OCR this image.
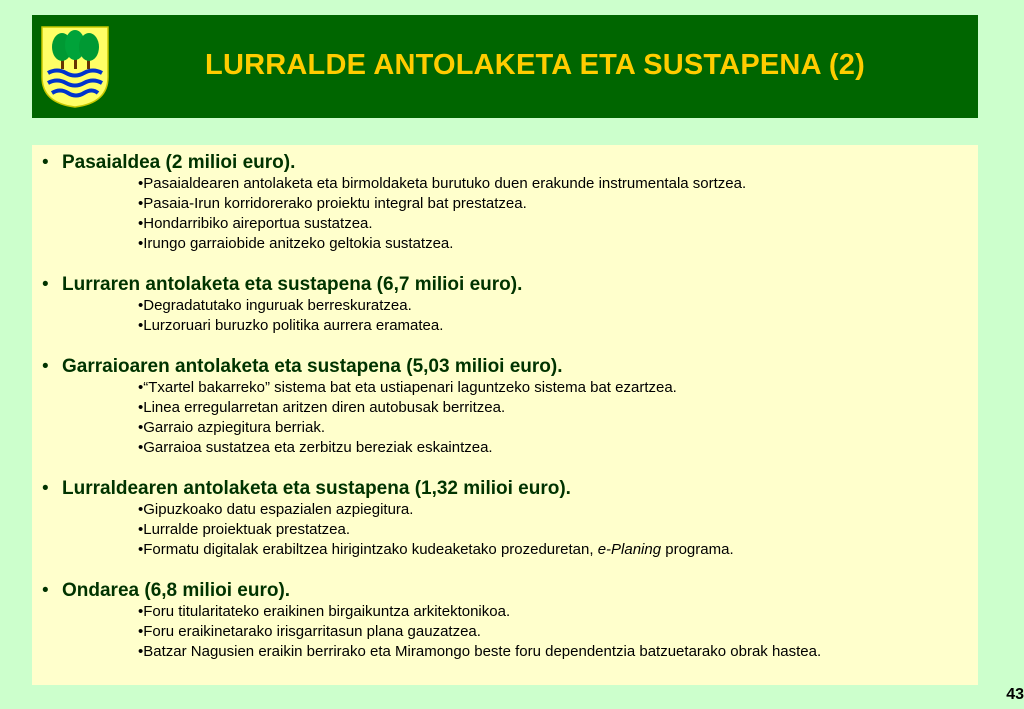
LURRALDE ANTOLAKETA ETA SUSTAPENA (2)
• Pasaialdea (2 milioi euro).
•Pasaialdearen antolaketa eta birmoldaketa burutuko duen erakunde instrumentala sortzea.
•Pasaia-Irun korridorerako proiektu integral bat prestatzea.
•Hondarribiko aireportua sustatzea.
•Irungo garraiobide anitzeko geltokia sustatzea.
• Lurraren antolaketa eta sustapena (6,7 milioi euro).
•Degradatutako inguruak berreskuratzea.
•Lurzoruari buruzko politika aurrera eramatea.
• Garraioaren antolaketa eta sustapena (5,03 milioi euro).
•“Txartel bakarreko” sistema bat eta ustiapenari laguntzeko sistema bat ezartzea.
•Linea erregularretan aritzen diren autobusak berritzea.
•Garraio azpiegitura berriak.
•Garraioa sustatzea eta zerbitzu bereziak eskaintzea.
• Lurraldearen antolaketa eta sustapena (1,32 milioi euro).
•Gipuzkoako datu espazialen azpiegitura.
•Lurralde proiektuak prestatzea.
•Formatu digitalak erabiltzea hirigintzako kudeaketako prozeduretan, e-Planing programa.
• Ondarea (6,8 milioi euro).
•Foru titularitateko eraikinen birgaikuntza arkitektonikoa.
•Foru eraikinetarako irisgarritasun plana gauzatzea.
•Batzar Nagusien eraikin berrirako eta Miramongo beste foru dependentzia batzuetarako obrak hastea.
43
